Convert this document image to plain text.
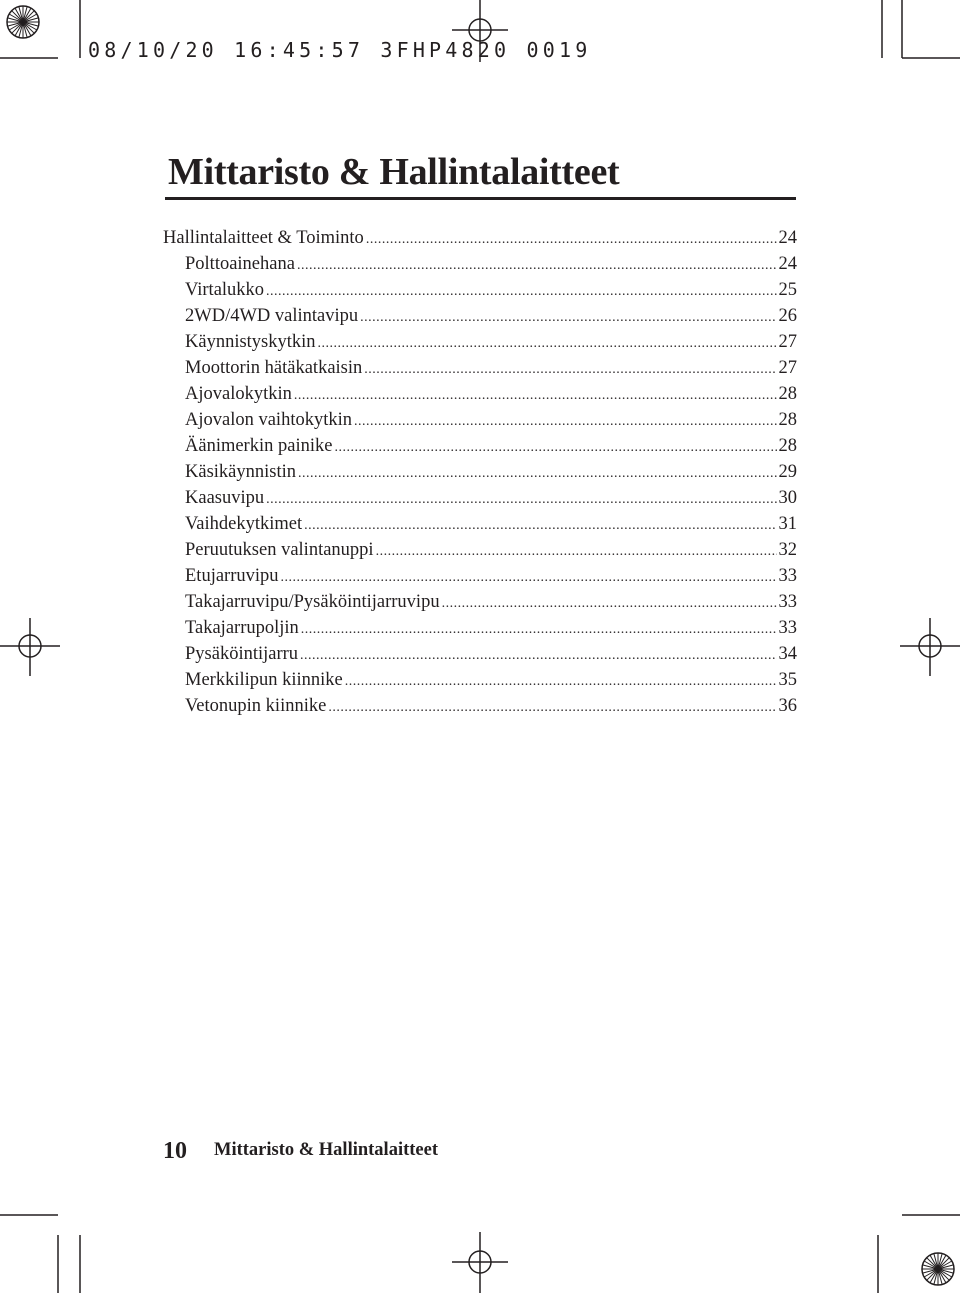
08/10/20 16:45:57 3FHP4820 0019
Mittaristo & Hallintalaitteet
Hallintalaitteet & Toiminto .....	24
Polttoainehana .....	24
Virtalukko .....	25
2WD/4WD valintavipu .....	26
Käynnistyskytkin .....	27
Moottorin hätäkatkaisin .....	27
Ajovalokytkin .....	28
Ajovalon vaihtokytkin .....	28
Äänimerkin painike .....	28
Käsikäynnistin .....	29
Kaasuvipu .....	30
Vaihdekytkimet .....	31
Peruutuksen valintanuppi .....	32
Etujarruvipu .....	33
Takajarruvipu/Pysäköintijarruvipu .....	33
Takajarrupoljin .....	33
Pysäköintijarru .....	34
Merkkilipun kiinnike .....	35
Vetonupin kiinnike .....	36
10 Mittaristo & Hallintalaitteet
